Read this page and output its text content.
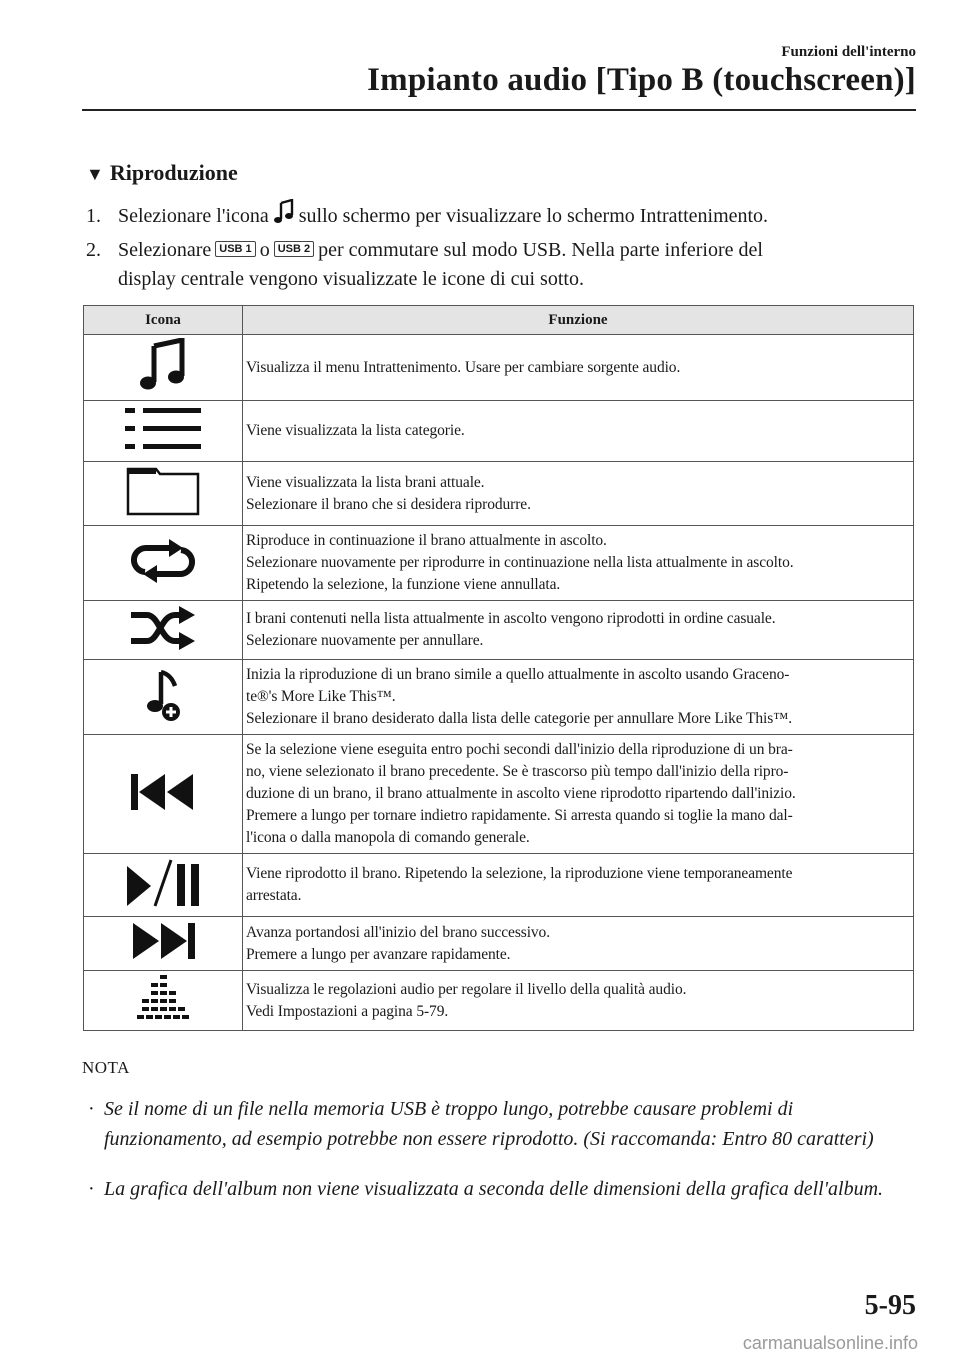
Funzioni dell'interno
Impianto audio [Tipo B (touchscreen)]
▼ Riproduzione
1. Selezionare l'icona sullo schermo per visualizzare lo schermo Intrattenimento.
2. Selezionare USB 1 o USB 2 per commutare sul modo USB. Nella parte inferiore del
display centrale vengono visualizzate le icone di cui sotto.
Icona	Funzione

Visualizza il menu Intrattenimento. Usare per cambiare sorgente audio.

Viene visualizzata la lista categorie.

Viene visualizzata la lista brani attuale.
Selezionare il brano che si desidera riprodurre.

Riproduce in continuazione il brano attualmente in ascolto.
Selezionare nuovamente per riprodurre in continuazione nella lista attualmente in ascolto.
Ripetendo la selezione, la funzione viene annullata.

I brani contenuti nella lista attualmente in ascolto vengono riprodotti in ordine casuale.
Selezionare nuovamente per annullare.

Inizia la riproduzione di un brano simile a quello attualmente in ascolto usando Graceno-
te®'s More Like This™.
Selezionare il brano desiderato dalla lista delle categorie per annullare More Like This™.

Se la selezione viene eseguita entro pochi secondi dall'inizio della riproduzione di un bra-
no, viene selezionato il brano precedente. Se è trascorso più tempo dall'inizio della ripro-
duzione di un brano, il brano attualmente in ascolto viene riprodotto ripartendo dall'inizio.
Premere a lungo per tornare indietro rapidamente. Si arresta quando si toglie la mano dal-
l'icona o dalla manopola di comando generale.

Viene riprodotto il brano. Ripetendo la selezione, la riproduzione viene temporaneamente
arrestata.

Avanza portandosi all'inizio del brano successivo.
Premere a lungo per avanzare rapidamente.

Visualizza le regolazioni audio per regolare il livello della qualità audio.
Vedi Impostazioni a pagina 5-79.
NOTA
· Se il nome di un file nella memoria USB è troppo lungo, potrebbe causare problemi di funzionamento, ad esempio potrebbe non essere riprodotto. (Si raccomanda: Entro 80 caratteri)
· La grafica dell'album non viene visualizzata a seconda delle dimensioni della grafica dell'album.
5-95
carmanualsonline.info
